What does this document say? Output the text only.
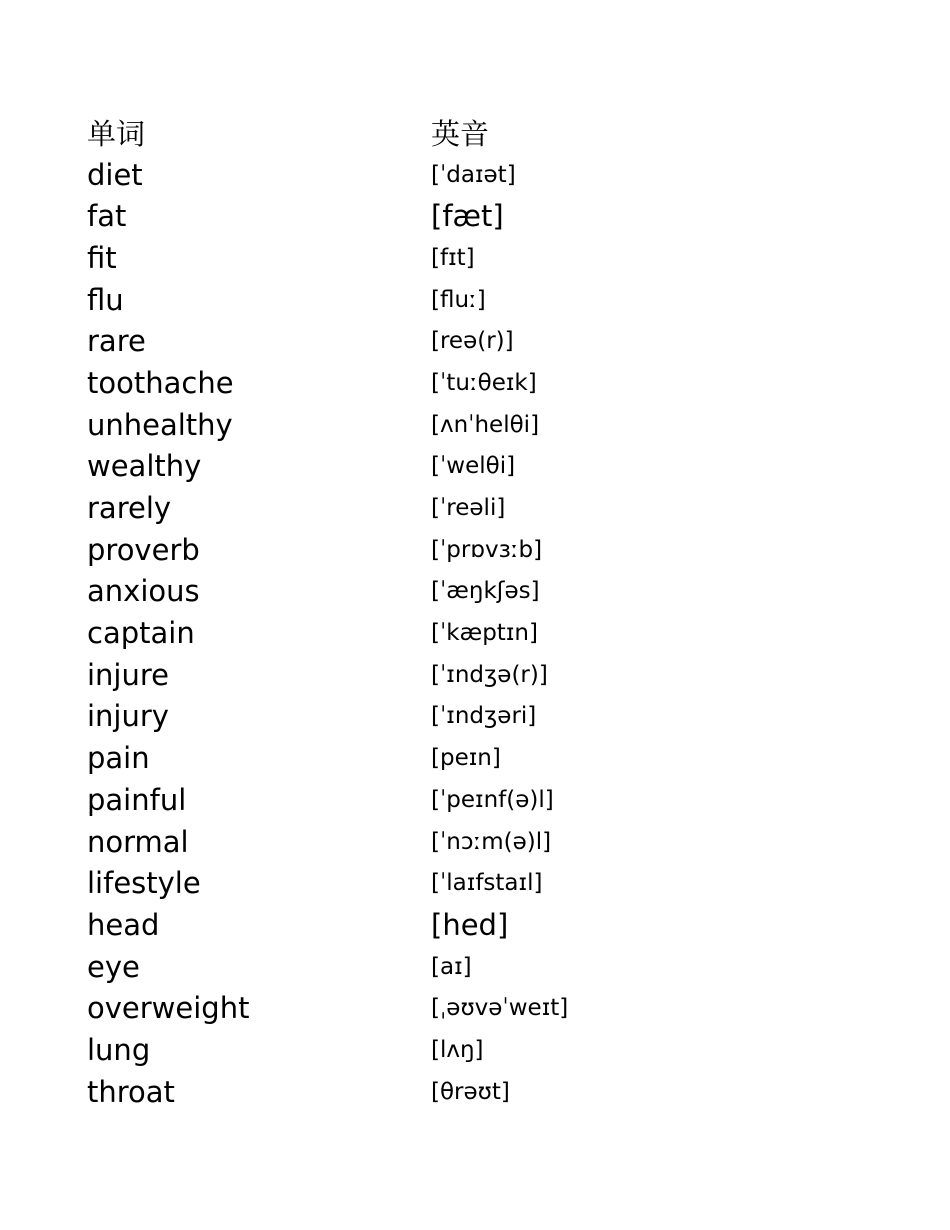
单词	英音
diet	[ˈdaɪət]
fat	[fæt]
fit	[fɪt]
flu	[fluː]
rare	[reə(r)]
toothache	[ˈtuːθeɪk]
unhealthy	[ʌnˈhelθi]
wealthy	[ˈwelθi]
rarely	[ˈreəli]
proverb	[ˈprɒvɜːb]
anxious	[ˈæŋkʃəs]
captain	[ˈkæptɪn]
injure	[ˈɪndʒə(r)]
injury	[ˈɪndʒəri]
pain	[peɪn]
painful	[ˈpeɪnf(ə)l]
normal	[ˈnɔːm(ə)l]
lifestyle	[ˈlaɪfstaɪl]
head	[hed]
eye	[aɪ]
overweight	[ˌəʊvəˈweɪt]
lung	[lʌŋ]
throat	[θrəʊt]
